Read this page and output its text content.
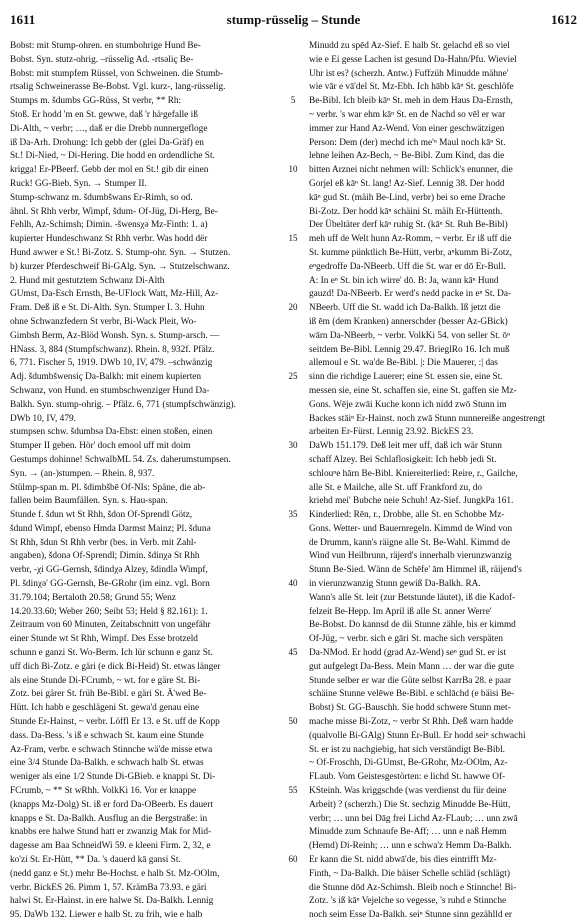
1611	stump-rüsselig – Stunde	1612
Bobst: mit Stump-ohren. en stumbohrige Hund Be-
Bobst. Syn. stutz-ohrig. –rüsselig Ad. -rtsəliç Be-
Bobst: mit stumpfem Rüssel, von Schweinen. die Stumb-
rtsəlig Schweinerasse Be-Bobst. Vgl. kurz-, lang-rüsselig.
Stumps m. šdumbs GG-Rüss, St verbr, ** Rh:
Stoß. Er hodd 'm en St. gewwe, daß 'r häˢgefalle iß
Di-Alth, ~ verbr; …, daß er die Drebb nunnergefloge
iß Da-Arh. Drohung: Ich gebb der (glei Da-Gräf) en
St.! Di-Nied, ~ Di-Hering. Die hodd en ordendliche St.
krigga! Er-PBeerf. Gebb der mol en St.! gib dir einen
Ruck! GG-Bieb. Syn. → Stumper II.
Stump-schwanz m. šdumbšwans Er-Rimh, so od.
ähnl. St Rhh verbr, Wimpf, šdum- Of-Jüg, Di-Herg, Be-
Fehlh, Az-Schimsh; Dimin. -šwensχə Mz-Finth: 1. a)
kupierter Hundeschwanz St Rhh verbr. Was hodd dër
Hund awwer e St.! Bi-Zotz. S. Stump-ohr. Syn. → Stutzen.
b) kurzer Pferdeschweif Bi-GAlg. Syn. → Stutzelschwanz.
2. Hund mit gestutztem Schwanz Di-Alth
GUmst, Da-Esch Ernsth, Be-UFlock Watt, Mz-Hill, Az-
Fram. Deß iß e St. Di-Alth. Syn. Stumper I. 3. Huhn
ohne Schwanzfedern St verbr, Bi-Wack Pleit, Wo-
Gimbsh Berm, Az-Blöd Wonsh. Syn. s. Stump-arsch. —
HNass. 3, 884 (Stumpfschwanz). Rhein. 8, 932f. Pfälz.
6, 771. Fischer 5, 1919. DWb 10, IV, 479. –schwänzig
Adj. šdumbšwensiç Da-Balkh: mit einem kupierten
Schwanz, von Hund. en stumbschwenziger Hund Da-
Balkh. Syn. stump-ohrig. – Pfälz. 6, 771 (stumpfschwänzig).
DWb 10, IV, 479.
stumpsen schw. šdumbsə Da-Ebst: einen stoßen, einen
Stumper II geben. Hör' doch emool uff mit doim
Gestumps dohinne! SchwalbML 54. Zs. daherumstumpsen.
Syn. → (an-)stumpen. – Rhein. 8, 937.
Stülmp-span m. Pl. šdimbšbē Of-NIs: Späne, die ab-
fallen beim Baumfällen. Syn. s. Hau-span.
Stunde f. šdun wt St Rhh, šdon Of-Sprendl Götz,
šdund Wimpf, ebenso Hmda Darmst Mainz; Pl. šdunə
St Rhh, šdun St Rhh verbr (bes. in Verb. mit Zahl-
angaben), šdonə Of-Sprendl; Dimin. šdinχə St Rhh
verbr, -χi GG-Gernsh, šdindχə Alzey, šdindlə Wimpf,
Pl. šdinχə' GG-Gernsh, Be-GRohr (im einz. vgl. Born
31.79.104; Bertaloth 20.58; Grund 55; Wenz
14.20.33.60; Weber 260; Seibt 53; Held § 82.161): 1.
Zeitraum von 60 Minuten, Zeitabschnitt von ungefähr
einer Stunde wt St Rhh, Wimpf. Des Esse brotzeld
schunn e ganzi St. Wo-Berm. Ich lür schunn e ganz St.
uff dich Bi-Zotz. e gäri (e dick Bi-Heid) St. etwas länger
als eine Stunde Di-FCrumb, ~ wt. for e gäre St. Bi-
Zotz. bei gärer St. früh Be-Bibl. e gäri St. Ä'wed Be-
Hütt. Ich habb e geschlägeni St. gewa'd genau eine
Stunde Er-Hainst, ~ verbr. Löffl Er 13. e St. uff de Kopp
dass. Da-Bess. 's iß e schwach St. kaum eine Stunde
Az-Fram, verbr. e schwach Stinnche wä'de misse etwa
eine 3/4 Stunde Da-Balkh. e schwach halb St. etwas
weniger als eine 1/2 Stunde Di-GBieb. e knappi St. Di-
FCrumb, ~ ** St wRhh. VolkKi 16. Vor er knappe
(knapps Mz-Dolg) St. iß er ford Da-OBeerb. Es dauert
knapps e St. Da-Balkh. Ausflug an die Bergstraße: in
knabbs ere halwe Stund hatt er zwanzig Mak for Mid-
dagesse am Baa SchneidWi 59. e kleeni Firm. 2, 32, e
ko'zi St. Er-Hütt, ** Da. 's dauerd kā gansi St.
(nedd ganz e St.) mehr Be-Hochst. e halb St. Mz-OOlm,
verbr. BickES 26. Pimm 1, 57. KrämBa 73.93. e gäri
halwi St. Er-Hainst. in ere halwe St. Da-Balkh. Lennig
95. DaWb 132. Liewer e halb St. zu frih, wie e halb
5
10
15
20
25
30
35
40
45
50
55
60
Minudd zu spēd Az-Sief. E halb St. gelachd eß so viel
wie e Ei gesse Lachen ist gesund Da-Hahn/Pfu. Wieviel
Uhr ist es? (scherzh. Antw.) Fuffzüh Minudde mähne'
wie vār e vā'del St. Mz-Ebh. Ich hābb kāⁿ St. geschlöfe
Be-Bibl. Ich bleib kāⁿ St. meh in dem Haus Da-Ernsth,
~ verbr. 's war ehm kāⁿ St. en de Nachd so vēl er war
immer zur Hand Az-Wend. Von einer geschwätzigen
Person: Dem (der) mechd ich me'ⁿ Maul noch kāⁿ St.
lehne leihen Az-Bech, ~ Be-Bibl. Zum Kind, das die
bitten Arznei nicht nehmen will: Schlick's enunner, die
Gorjel eß kāⁿ St. lang! Az-Sief. Lennig 38. Der hodd
kāⁿ gud St. (mäih Be-Lind, verbr) bei so eme Drache
Bi-Zotz. Der hodd kāⁿ schäini St. mäih Er-Hüttenth.
Der Übeltäter derf kāⁿ ruhig St. (kāⁿ St. Ruh Be-Bibl)
meh uff de Welt hunn Az-Romm, ~ verbr. Er iß uff die
St. kumme pünktlich Be-Hütt, verbr, aⁿkumm Bi-Zotz,
eⁿgedroffe Da-NBeerb. Uff die St. war er dō Er-Bull.
A: In eⁿ St. bin ich wirre' dō. B: Ja, wann kāⁿ Hund
gauzd! Da-NBeerb. Er werd's nedd packe in eⁿ St. Da-
NBeerb. Uff die St. wadd ich Da-Balkh. Iß jetzt die
iß ēm (dem Kranken) annerschder (besser Az-GBick)
wārn Da-NBeerb, ~ verbr. VolkKi 54. von seller St. ōⁿ
seitdem Be-Bibl. Lennig 29.47. BrieglRo 16. Ich muß
allemoul e St. wa'de Be-Bibl. |: Die Mauerer, :| das
sinn die richdige Lauerer; eine St. essen sie, eine St.
messen sie, eine St. schaffen sie, eine St. gaffen sie Mz-
Gons. Wēje zwāi Kuche konn ich nidd zwō Stunn im
Backes stāiⁿ Er-Hainst. noch zwā Stunn nunnereiße angestrengt
arbeiten Er-Fürst. Lennig 23.92. BickES 23.
DaWb 151.179. Deß leit mer uff, daß ich wär Stunn
schaff Alzey. Bei Schlaflosigkeit: Ich hebb jedi St.
schlouⁿe hārn Be-Bibl. Kniereiterlied: Reire, r., Gailche,
alle St. e Mailche, alle St. uff Frankford zu, do
kriehd mei' Bubche neie Schuh! Az-Sief. JungkPa 161.
Kinderlied: Rēn, r., Drobbe, alle St. en Schobbe Mz-
Gons. Wetter- und Bauernregeln. Kimmd de Wind von
de Drumm, kann's räigne alle St. Be-Wahl. Kimmd de
Wind vun Heilbrunn, räjerd's innerhalb vierunzwanzig
Stunn Be-Sied. Wänn de Schēfe' ām Himmel iß, räijend's
in vierunzwanzig Stunn gewiß Da-Balkh. RA.
Wann's alle St. leit (zur Betstunde läutet), iß die Kadof-
felzeit Be-Hepp. Im April iß alle St. anner Werre'
Be-Bobst. Do kannsd de dii Stunne zähle, bis er kimmd
Of-Jüg, ~ verbr. sich e gāri St. mache sich verspäten
Da-NMod. Er hodd (grad Az-Wend) seⁿ gud St. er ist
gut aufgelegt Da-Bess. Mein Mann … der war die gute
Stunde selber er war die Güte selbst KarrBa 28. e paar
schäine Stunne velēwe Be-Bibl. e schlāchd (e bäisi Be-
Bobst) St. GG-Bauschh. Sie hodd schwere Stunn met-
mache misse Bi-Zotz, ~ verbr St Rhh. Deß warn hadde
(qualvolle Bi-GAlg) Stunn Er-Bull. Er hodd seiⁿ schwachi
St. er ist zu nachgiebig, hat sich verständigt Be-Bibl.
~ Of-Froschh, Di-GUmst, Be-GRohr, Mz-OOlm, Az-
FLaub. Vom Geistesgestörten: e lichd St. hawwe Of-
KSteinh. Was kriggschde (was verdienst du für deine
Arbeit) ? (scherzh.) Die St. sechzig Minudde Be-Hütt,
verbr; … unn bei Dāg frei Lichd Az-FLaub; … unn zwā
Minudde zum Schnaufe Be-Aff; … unn e naß Hemm
(Hemd) Di-Reinh; … unn e schwa'z Hemm Da-Balkh.
Er kann die St. nidd abwā'de, bis dies eintrifft Mz-
Finth, ~ Da-Balkh. Die bäiser Schelle schläd (schlägt)
die Stunne dōd Az-Schimsh. Bleib noch e Stinnche! Bi-
Zotz. 's iß kāⁿ Vejelche so vegesse, 's ruhd e Stinnche
noch seim Esse Da-Balkh. seiⁿ Stunne sinn gezählld er
